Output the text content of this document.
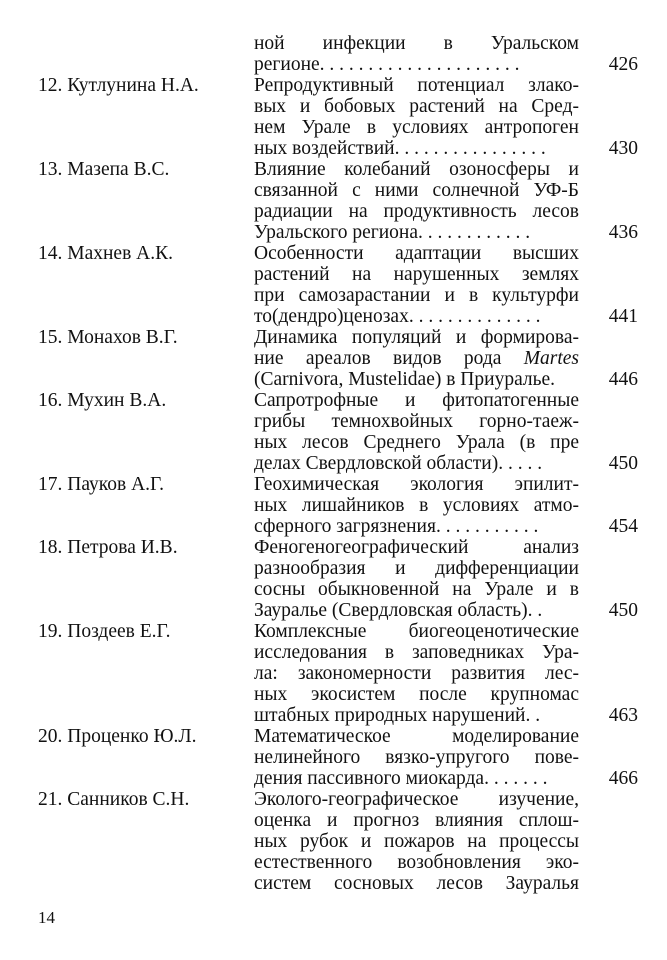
ной инфекции в Уральском
регионе. . . . . . . . . . . . . . . . . . . . .	426
12. Кутлунина Н.А.	Репродуктивный потенциал злако-
вых и бобовых растений на Сред-
нем Урале в условиях антропоген
ных воздействий. . . . . . . . . . . . . . . .	430
13. Мазепа B.C.	Влияние колебаний озоносферы и
связанной с ними солнечной УФ-Б
радиации на продуктивность лесов
Уральского региона. . . . . . . . . . . .	436
14. Махнев А.К.	Особенности адаптации высших
растений на нарушенных землях
при самозарастании и в культурфи
то(дендро)ценозах. . . . . . . . . . . . . .	441
15. Монахов В.Г.	Динамика популяций и формирова-
ние ареалов видов рода Martes
(Carnivora, Mustelidae) в Приуралье.	446
16. Мухин В.А.	Сапротрофные и фитопатогенные
грибы темнохвойных горно-таеж-
ных лесов Среднего Урала (в пре
делах Свердловской области). . . . .	450
17. Пауков А.Г.	Геохимическая экология эпилит-
ных лишайников в условиях атмо-
сферного загрязнения. . . . . . . . . . .	454
18. Петрова И.В.	Феногеногеографический анализ
разнообразия и дифференциации
сосны обыкновенной на Урале и в
Зауралье (Свердловская область). .	450
19. Поздеев Е.Г.	Комплексные биогеоценотические
исследования в заповедниках Ура-
ла: закономерности развития лес-
ных экосистем после крупномас
штабных природных нарушений. .	463
20. Проценко Ю.Л.	Математическое моделирование
нелинейного вязко-упругого пове-
дения пассивного миокарда. . . . . . .	466
21. Санников С.Н.	Эколого-географическое изучение,
оценка и прогноз влияния сплош-
ных рубок и пожаров на процессы
естественного возобновления эко-
систем сосновых лесов Зауралья
14
